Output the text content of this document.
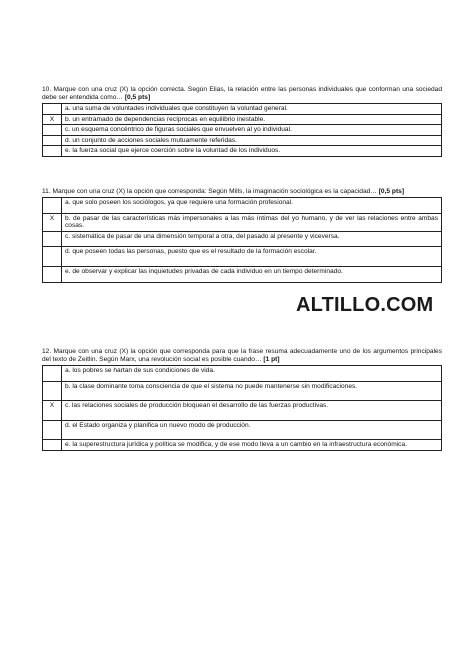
10. Marque con una cruz (X) la opción correcta. Según Elias, la relación entre las personas individuales que conforman una sociedad debe ser entendida como… [0,5 pts]

	a. una suma de voluntades individuales que constituyen la voluntad general.
X	b. un entramado de dependencias recíprocas en equilibrio inestable.
	c. un esquema concéntrico de figuras sociales que envuelven al yo individual.
	d. un conjunto de acciones sociales mutuamente referidas.
	e. la fuerza social que ejerce coerción sobre la voluntad de los individuos.

11. Marque con una cruz (X) la opción que corresponda: Según Mills, la imaginación sociológica es la capacidad… [0,5 pts]

	a. que solo poseen los sociólogos, ya que requiere una formación profesional.
X	b. de pasar de las características más impersonales a las más íntimas del yo humano, y de ver las relaciones entre ambas cosas.
	c. sistemática de pasar de una dimensión temporal a otra, del pasado al presente y viceversa.
	d. que poseen todas las personas, puesto que es el resultado de la formación escolar.
	e. de observar y explicar las inquietudes privadas de cada individuo en un tiempo determinado.
ALTILLO.COM

12. Marque con una cruz (X) la opción que corresponda para que la frase resuma adecuadamente uno de los argumentos principales del texto de Zeitlin. Según Marx, una revolución social es posible cuando… [1 pt]

	a. los pobres se hartan de sus condiciones de vida.
	b. la clase dominante toma consciencia de que el sistema no puede mantenerse sin modificaciones.
X	c. las relaciones sociales de producción bloquean el desarrollo de las fuerzas productivas.
	d. el Estado organiza y planifica un nuevo modo de producción.
	e. la superestructura jurídica y política se modifica, y de ese modo lleva a un cambio en la infraestructura económica.
